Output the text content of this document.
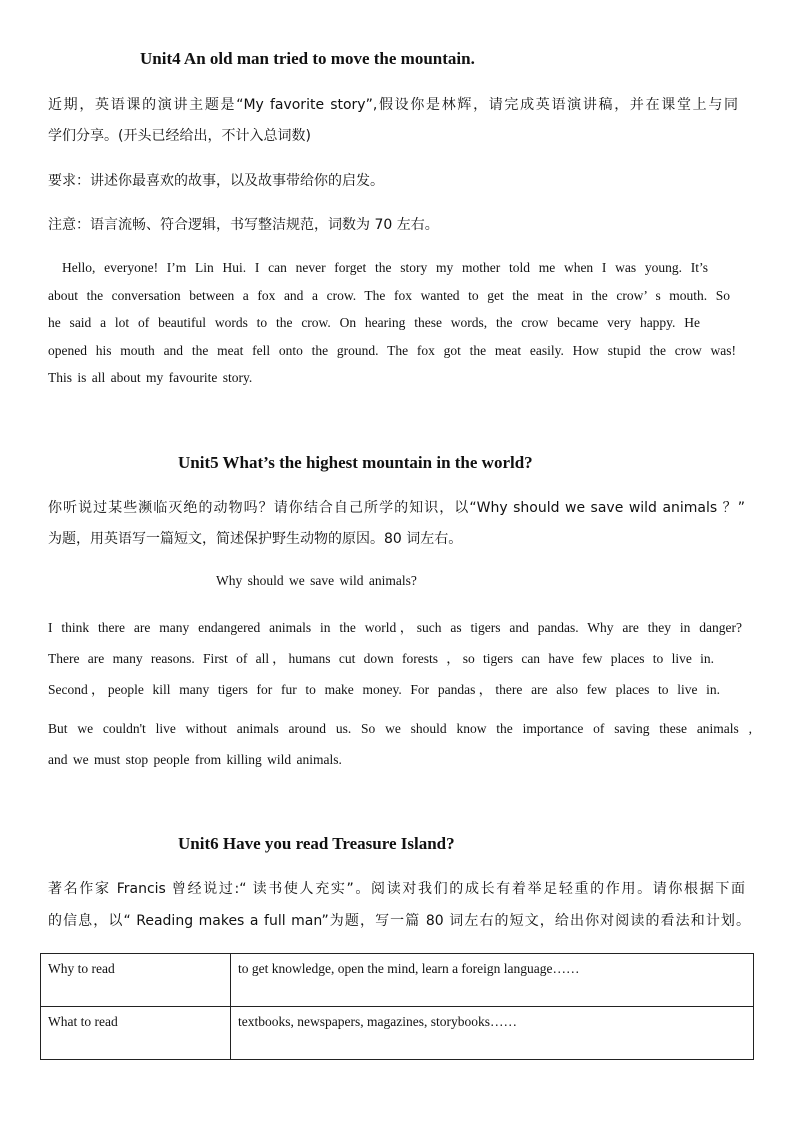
Unit4 An old man tried to move the mountain.
近期，英语课的演讲主题是“My favorite story”,假设你是林辉，请完成英语演讲稿，并在课堂上与同
学们分享。(开头已经给出，不计入总词数)
要求：讲述你最喜欢的故事，以及故事带给你的启发。
注意：语言流畅、符合逻辑，书写整洁规范，词数为 70 左右。
Hello, everyone! I’m Lin Hui. I can never forget the story my mother told me when I was young. It’s
about the conversation between a fox and a crow. The fox wanted to get the meat in the crow’ s mouth. So
he said a lot of beautiful words to the crow. On hearing these words, the crow became very happy. He
opened his mouth and the meat fell onto the ground. The fox got the meat easily. How stupid the crow was!
This is all about my favourite story.
Unit5 What’s the highest mountain in the world?
你听说过某些濒临灭绝的动物吗？请你结合自己所学的知识，以“Why should we save wild animals ？”
为题，用英语写一篇短文，简述保护野生动物的原因。80 词左右。
Why should we save wild animals?
I think there are many endangered animals in the world，such as tigers and pandas. Why are they in danger?
There are many reasons. First of all，humans cut down forests ，so tigers can have few places to live in.
Second，people kill many tigers for fur to make money. For pandas，there are also few places to live in.
But we couldn't live without animals around us. So we should know the importance of saving these animals ,
and we must stop people from killing wild animals.
Unit6 Have you read Treasure Island?
著名作家 Francis 曾经说过:“ 读书使人充实”。阅读对我们的成长有着举足轻重的作用。请你根据下面
的信息，以“ Reading makes a full man”为题，写一篇 80 词左右的短文，给出你对阅读的看法和计划。
Why to read	to get knowledge, open the mind, learn a foreign language……
What to read	textbooks, newspapers, magazines, storybooks……
